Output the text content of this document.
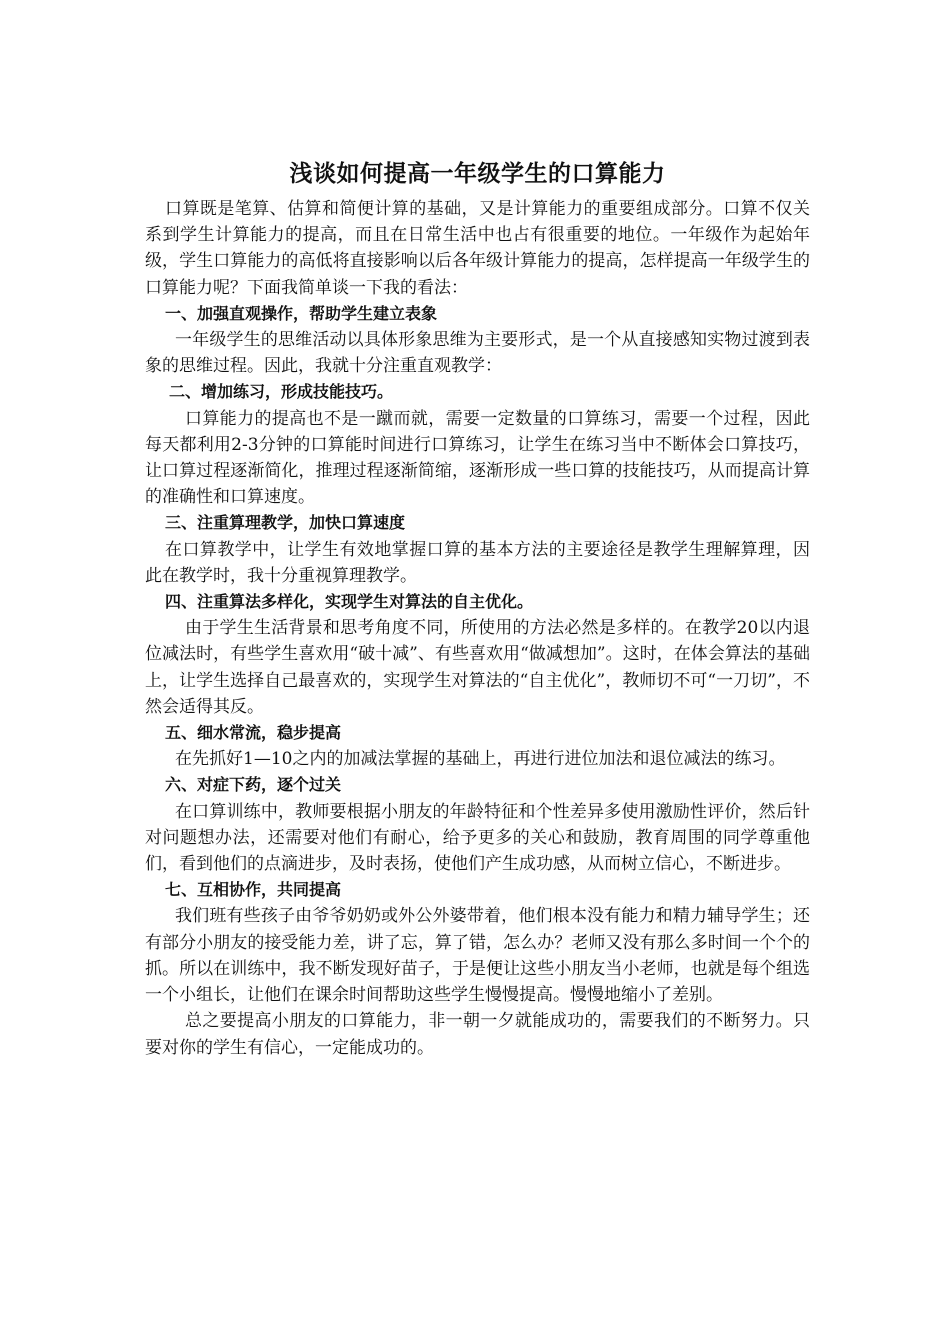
浅谈如何提高一年级学生的口算能力

口算既是笔算、估算和简便计算的基础，又是计算能力的重要组成部分。口算不仅关系到学生计算能力的提高，而且在日常生活中也占有很重要的地位。一年级作为起始年级，学生口算能力的高低将直接影响以后各年级计算能力的提高，怎样提高一年级学生的口算能力呢？下面我简单谈一下我的看法：

一、加强直观操作，帮助学生建立表象

一年级学生的思维活动以具体形象思维为主要形式，是一个从直接感知实物过渡到表象的思维过程。因此，我就十分注重直观教学：

二、增加练习，形成技能技巧。

口算能力的提高也不是一蹴而就，需要一定数量的口算练习，需要一个过程，因此每天都利用2-3分钟的口算能时间进行口算练习，让学生在练习当中不断体会口算技巧，让口算过程逐渐简化，推理过程逐渐简缩，逐渐形成一些口算的技能技巧，从而提高计算的准确性和口算速度。

三、注重算理教学，加快口算速度

在口算教学中，让学生有效地掌握口算的基本方法的主要途径是教学生理解算理，因此在教学时，我十分重视算理教学。

四、注重算法多样化，实现学生对算法的自主优化。

由于学生生活背景和思考角度不同，所使用的方法必然是多样的。在教学20以内退位减法时，有些学生喜欢用“破十减”、有些喜欢用“做减想加”。这时，在体会算法的基础上，让学生选择自己最喜欢的，实现学生对算法的“自主优化”，教师切不可“一刀切”，不然会适得其反。

五、细水常流，稳步提高

在先抓好1—10之内的加减法掌握的基础上，再进行进位加法和退位减法的练习。

六、对症下药，逐个过关

在口算训练中，教师要根据小朋友的年龄特征和个性差异多使用激励性评价，然后针对问题想办法，还需要对他们有耐心，给予更多的关心和鼓励，教育周围的同学尊重他们，看到他们的点滴进步，及时表扬，使他们产生成功感，从而树立信心，不断进步。

七、互相协作，共同提高

我们班有些孩子由爷爷奶奶或外公外婆带着，他们根本没有能力和精力辅导学生；还有部分小朋友的接受能力差，讲了忘，算了错，怎么办？老师又没有那么多时间一个个的抓。所以在训练中，我不断发现好苗子，于是便让这些小朋友当小老师，也就是每个组选一个小组长，让他们在课余时间帮助这些学生慢慢提高。慢慢地缩小了差别。

总之要提高小朋友的口算能力，非一朝一夕就能成功的，需要我们的不断努力。只要对你的学生有信心，一定能成功的。
